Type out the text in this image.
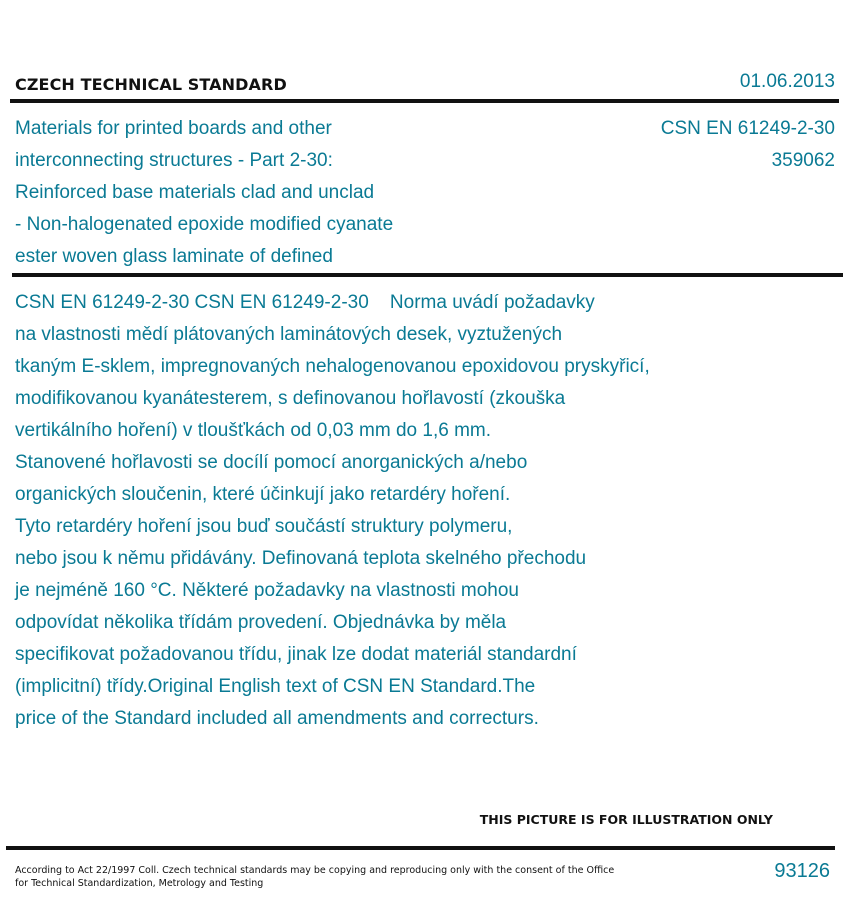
CZECH TECHNICAL STANDARD	01.06.2013
Materials for printed boards and other
interconnecting structures - Part 2-30:
Reinforced base materials clad and unclad
- Non-halogenated epoxide modified cyanate
ester woven glass laminate of defined
CSN EN 61249-2-30
359062
CSN EN 61249-2-30 CSN EN 61249-2-30    Norma uvádí požadavky
na vlastnosti mědí plátovaných laminátových desek, vyztužených
tkaným E-sklem, impregnovaných nehalogenovanou epoxidovou pryskyřicí,
modifikovanou kyanátesterem, s definovanou hořlavostí (zkouška
vertikálního hoření) v tloušťkách od 0,03 mm do 1,6 mm.
Stanovené hořlavosti se docílí pomocí anorganických a/nebo
organických sloučenin, které účinkují jako retardéry hoření.
Tyto retardéry hoření jsou buď součástí struktury polymeru,
nebo jsou k němu přidávány. Definovaná teplota skelného přechodu
je nejméně 160 °C. Některé požadavky na vlastnosti mohou
odpovídat několika třídám provedení. Objednávka by měla
specifikovat požadovanou třídu, jinak lze dodat materiál standardní
(implicitní) třídy.Original English text of CSN EN Standard.The
price of the Standard included all amendments and correcturs.
THIS PICTURE IS FOR ILLUSTRATION ONLY
According to Act 22/1997 Coll. Czech technical standards may be copying and reproducing only with the consent of the Office
for Technical Standardization, Metrology and Testing
93126
